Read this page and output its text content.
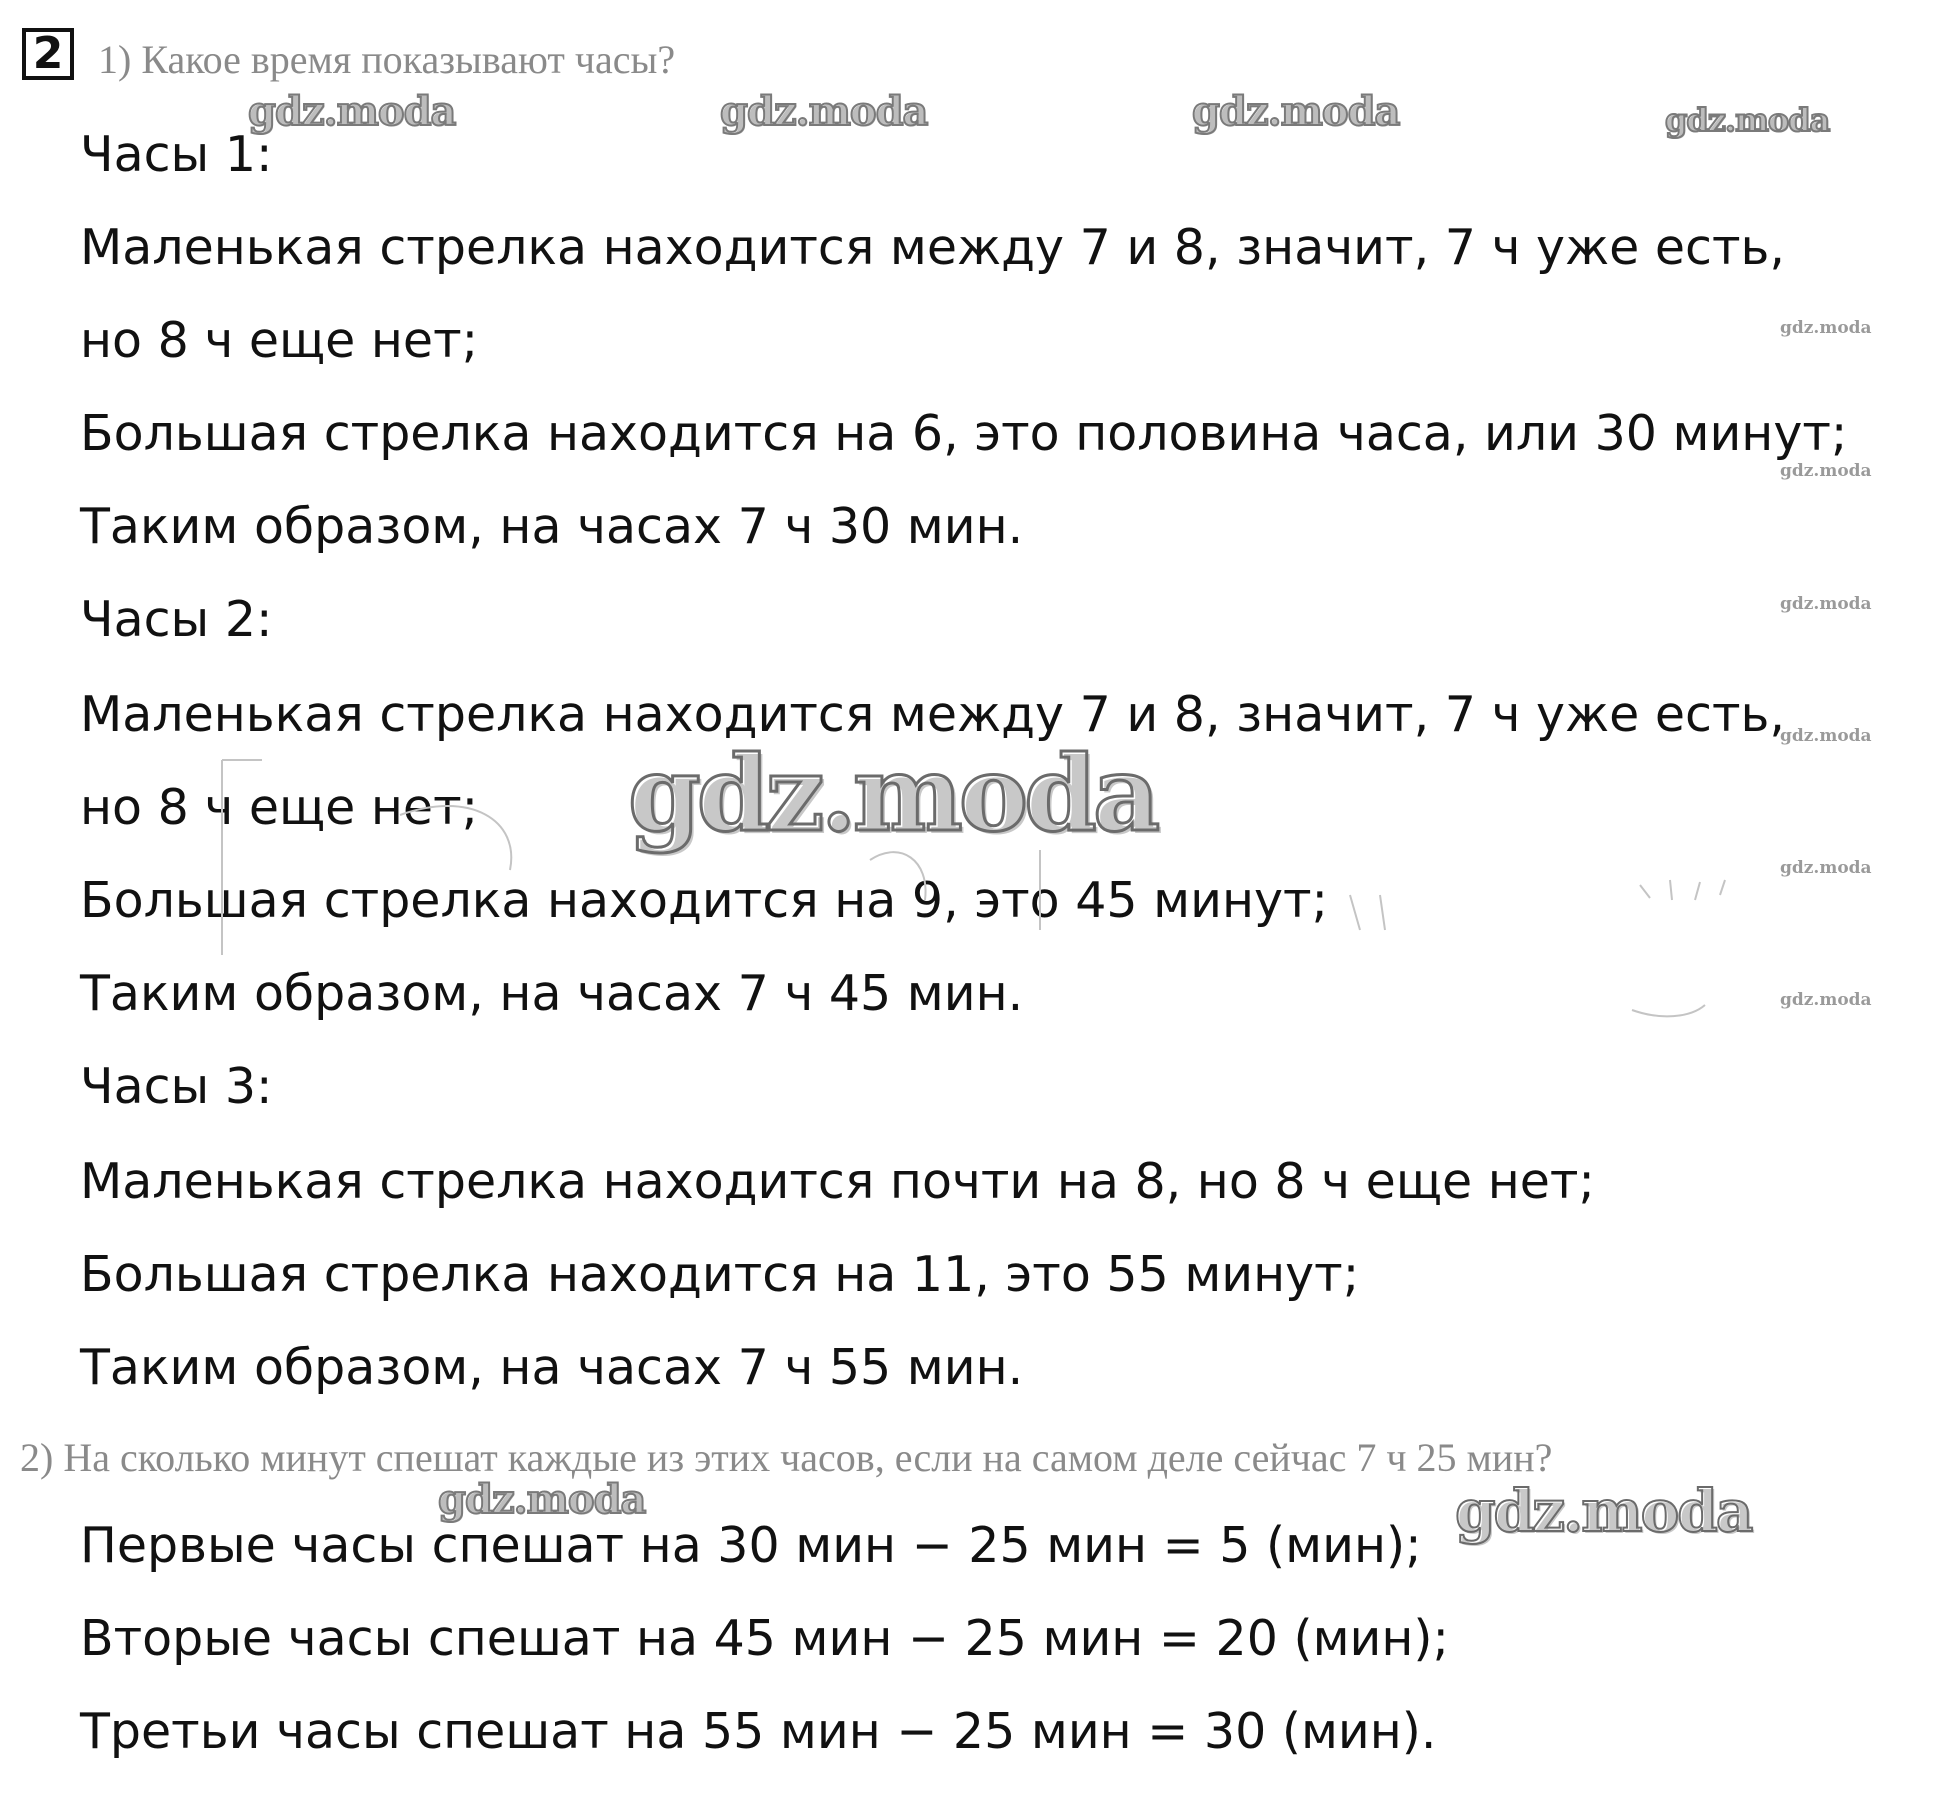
2 1) Какое время показывают часы?
gdz.moda	gdz.moda	gdz.moda	gdz.moda
gdz.moda
gdz.moda
gdz.moda
gdz.moda
gdz.moda
gdz.moda
Часы 1:
Маленькая стрелка находится между 7 и 8, значит, 7 ч уже есть,
но 8 ч еще нет;
Большая стрелка находится на 6, это половина часа, или 30 минут;
Таким образом, на часах 7 ч 30 мин.
Часы 2:
Маленькая стрелка находится между 7 и 8, значит, 7 ч уже есть,
но 8 ч еще нет;
Большая стрелка находится на 9, это 45 минут;
Таким образом, на часах 7 ч 45 мин.
gdz.moda
Часы 3:
Маленькая стрелка находится почти на 8, но 8 ч еще нет;
Большая стрелка находится на 11, это 55 минут;
Таким образом, на часах 7 ч 55 мин.
2) На сколько минут спешат каждые из этих часов, если на самом деле сейчас 7 ч 25 мин?
gdz.moda	gdz.moda
Первые часы спешат на 30 мин − 25 мин = 5 (мин);
Вторые часы спешат на 45 мин − 25 мин = 20 (мин);
Третьи часы спешат на 55 мин − 25 мин = 30 (мин).
